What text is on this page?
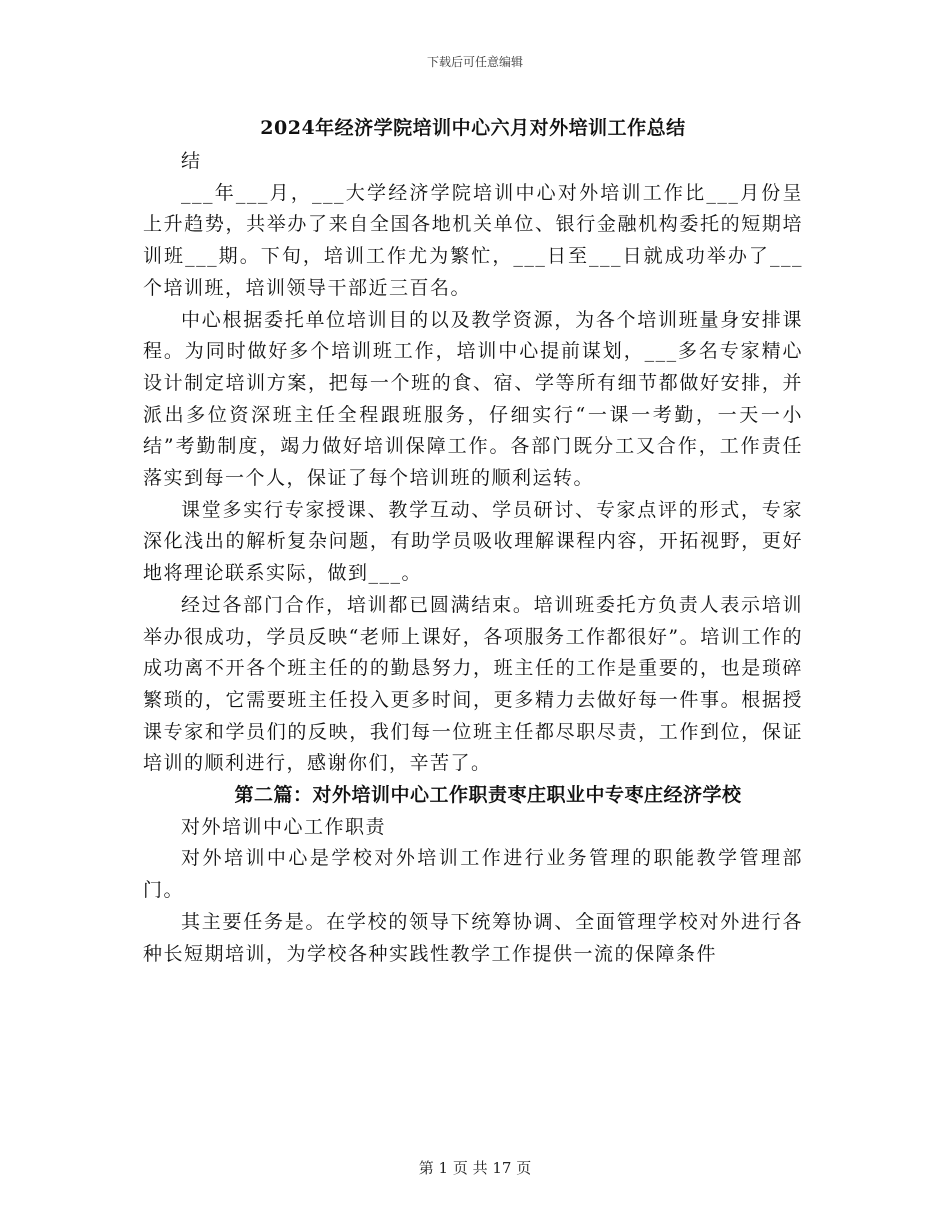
下载后可任意编辑
2024年经济学院培训中心六月对外培训工作总结

结

___年___月，___大学经济学院培训中心对外培训工作比___月份呈上升趋势，共举办了来自全国各地机关单位、银行金融机构委托的短期培训班___期。下旬，培训工作尤为繁忙，___日至___日就成功举办了___个培训班，培训领导干部近三百名。

中心根据委托单位培训目的以及教学资源，为各个培训班量身安排课程。为同时做好多个培训班工作，培训中心提前谋划，___多名专家精心设计制定培训方案，把每一个班的食、宿、学等所有细节都做好安排，并派出多位资深班主任全程跟班服务，仔细实行“一课一考勤，一天一小结”考勤制度，竭力做好培训保障工作。各部门既分工又合作，工作责任落实到每一个人，保证了每个培训班的顺利运转。

课堂多实行专家授课、教学互动、学员研讨、专家点评的形式，专家深化浅出的解析复杂问题，有助学员吸收理解课程内容，开拓视野，更好地将理论联系实际，做到___。

经过各部门合作，培训都已圆满结束。培训班委托方负责人表示培训举办很成功，学员反映“老师上课好，各项服务工作都很好”。培训工作的成功离不开各个班主任的的勤恳努力，班主任的工作是重要的，也是琐碎繁琐的，它需要班主任投入更多时间，更多精力去做好每一件事。根据授课专家和学员们的反映，我们每一位班主任都尽职尽责，工作到位，保证培训的顺利进行，感谢你们，辛苦了。

第二篇：对外培训中心工作职责枣庄职业中专枣庄经济学校

对外培训中心工作职责

对外培训中心是学校对外培训工作进行业务管理的职能教学管理部门。

其主要任务是。在学校的领导下统筹协调、全面管理学校对外进行各种长短期培训，为学校各种实践性教学工作提供一流的保障条件

第 1 页 共 17 页
